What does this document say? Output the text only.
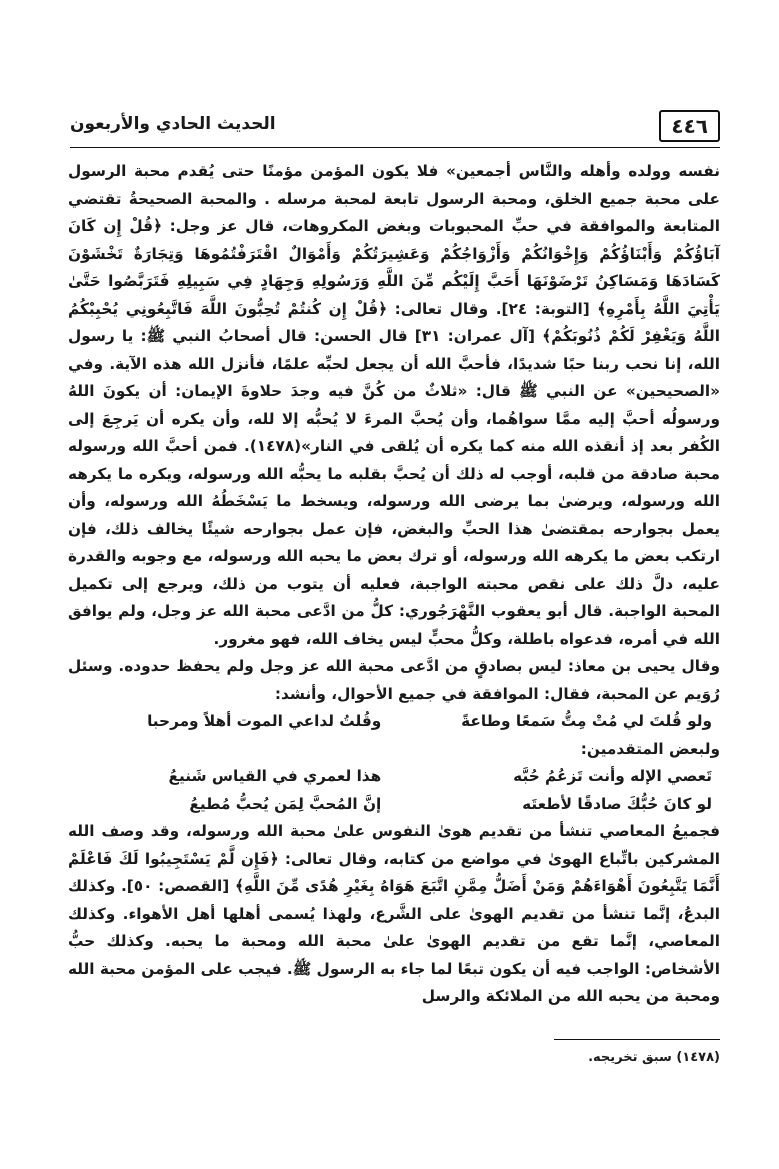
٤٤٦
الحديث الحادي والأربعون

نفسه وولده وأهله والنَّاس أجمعين» فلا يكون المؤمن مؤمنًا حتى يُقدم محبة الرسول على محبة جميع الخلق، ومحبة الرسول تابعة لمحبة مرسله . والمحبة الصحيحةُ تقتضي المتابعة والموافقة في حبِّ المحبوبات وبغض المكروهات، قال عز وجل: ﴿قُلْ إِن كَانَ آبَاؤُكُمْ وَأَبْنَاؤُكُمْ وَإِخْوَانُكُمْ وَأَزْوَاجُكُمْ وَعَشِيرَتُكُمْ وَأَمْوَالٌ اقْتَرَفْتُمُوهَا وَتِجَارَةٌ تَخْشَوْنَ كَسَادَهَا وَمَسَاكِنُ تَرْضَوْنَهَا أَحَبَّ إِلَيْكُم مِّنَ اللَّهِ وَرَسُولِهِ وَجِهَادٍ فِي سَبِيلِهِ فَتَرَبَّصُوا حَتَّىٰ يَأْتِيَ اللَّهُ بِأَمْرِهِ﴾ [التوبة: ٢٤]. وقال تعالى: ﴿قُلْ إِن كُنتُمْ تُحِبُّونَ اللَّهَ فَاتَّبِعُونِي يُحْبِبْكُمُ اللَّهُ وَيَغْفِرْ لَكُمْ ذُنُوبَكُمْ﴾ [آل عمران: ٣١] قال الحسن: قال أصحابُ النبي ﷺ: يا رسول الله، إنا نحب ربنا حبًا شديدًا، فأحبَّ الله أن يجعل لحبِّه علمًا، فأنزل الله هذه الآية. وفي «الصحيحين» عن النبي ﷺ قال: «ثلاثٌ من كُنَّ فيه وجدَ حلاوةَ الإيمان: أن يكونَ اللهُ ورسولُه أحبَّ إليه ممَّا سواهُما، وأن يُحبَّ المرءَ لا يُحبُّه إلا لله، وأن يكره أن يَرجِعَ إلى الكُفر بعد إذ أنقذه الله منه كما يكره أن يُلقى في النار»(١٤٧٨). فمن أحبَّ الله ورسوله محبة صادقة من قلبه، أوجب له ذلك أن يُحبَّ بقلبه ما يحبُّه الله ورسوله، ويكره ما يكرهه الله ورسوله، ويرضىٰ بما يرضى الله ورسوله، ويسخط ما يَسْخَطُهُ الله ورسوله، وأن يعمل بجوارحه بمقتضىٰ هذا الحبِّ والبغض، فإن عمل بجوارحه شيئًا يخالف ذلك، فإن ارتكب بعض ما يكرهه الله ورسوله، أو ترك بعض ما يحبه الله ورسوله، مع وجوبه والقدرة عليه، دلَّ ذلك على نقص محبته الواجبة، فعليه أن يتوب من ذلك، ويرجع إلى تكميل المحبة الواجبة. قال أبو يعقوب النَّهْرَجُوري: كلُّ من ادَّعى محبة الله عز وجل، ولم يوافق الله في أمره، فدعواه باطلة، وكلُّ محبٍّ ليس يخاف الله، فهو مغرور.

وقال يحيى بن معاذ: ليس بصادقٍ من ادَّعى محبة الله عز وجل ولم يحفظ حدوده. وسئل رُوَيم عن المحبة، فقال: الموافقة في جميع الأحوال، وأنشد:

ولو قُلتَ لي مُتْ مِتُّ سَمعًا وطاعةً
وقُلتُ لداعي الموت أهلاً ومرحبا

ولبعض المتقدمين:

تَعصي الإله وأنت تَزعُمُ حُبَّه
هذا لعمري في القياس شَنيعُ
لو كانَ حُبُّكَ صادقًا لأطعتَه
إنَّ المُحبَّ لِمَن يُحبُّ مُطيعُ

فجميعُ المعاصي تنشأ من تقديم هوىٰ النفوس علىٰ محبة الله ورسوله، وقد وصف الله المشركين باتِّباع الهوىٰ في مواضع من كتابه، وقال تعالى: ﴿فَإِن لَّمْ يَسْتَجِيبُوا لَكَ فَاعْلَمْ أَنَّمَا يَتَّبِعُونَ أَهْوَاءَهُمْ وَمَنْ أَضَلُّ مِمَّنِ اتَّبَعَ هَوَاهُ بِغَيْرِ هُدًى مِّنَ اللَّهِ﴾ [القصص: ٥٠]. وكذلك البدعُ، إنَّما تنشأ من تقديم الهوىٰ على الشَّرع، ولهذا يُسمى أهلها أهل الأهواء. وكذلك المعاصي، إنَّما تقع من تقديم الهوىٰ علىٰ محبة الله ومحبة ما يحبه. وكذلك حبُّ الأشخاص: الواجب فيه أن يكون تبعًا لما جاء به الرسول ﷺ. فيجب على المؤمن محبة الله ومحبة من يحبه الله من الملائكة والرسل

(١٤٧٨) سبق تخريجه.
